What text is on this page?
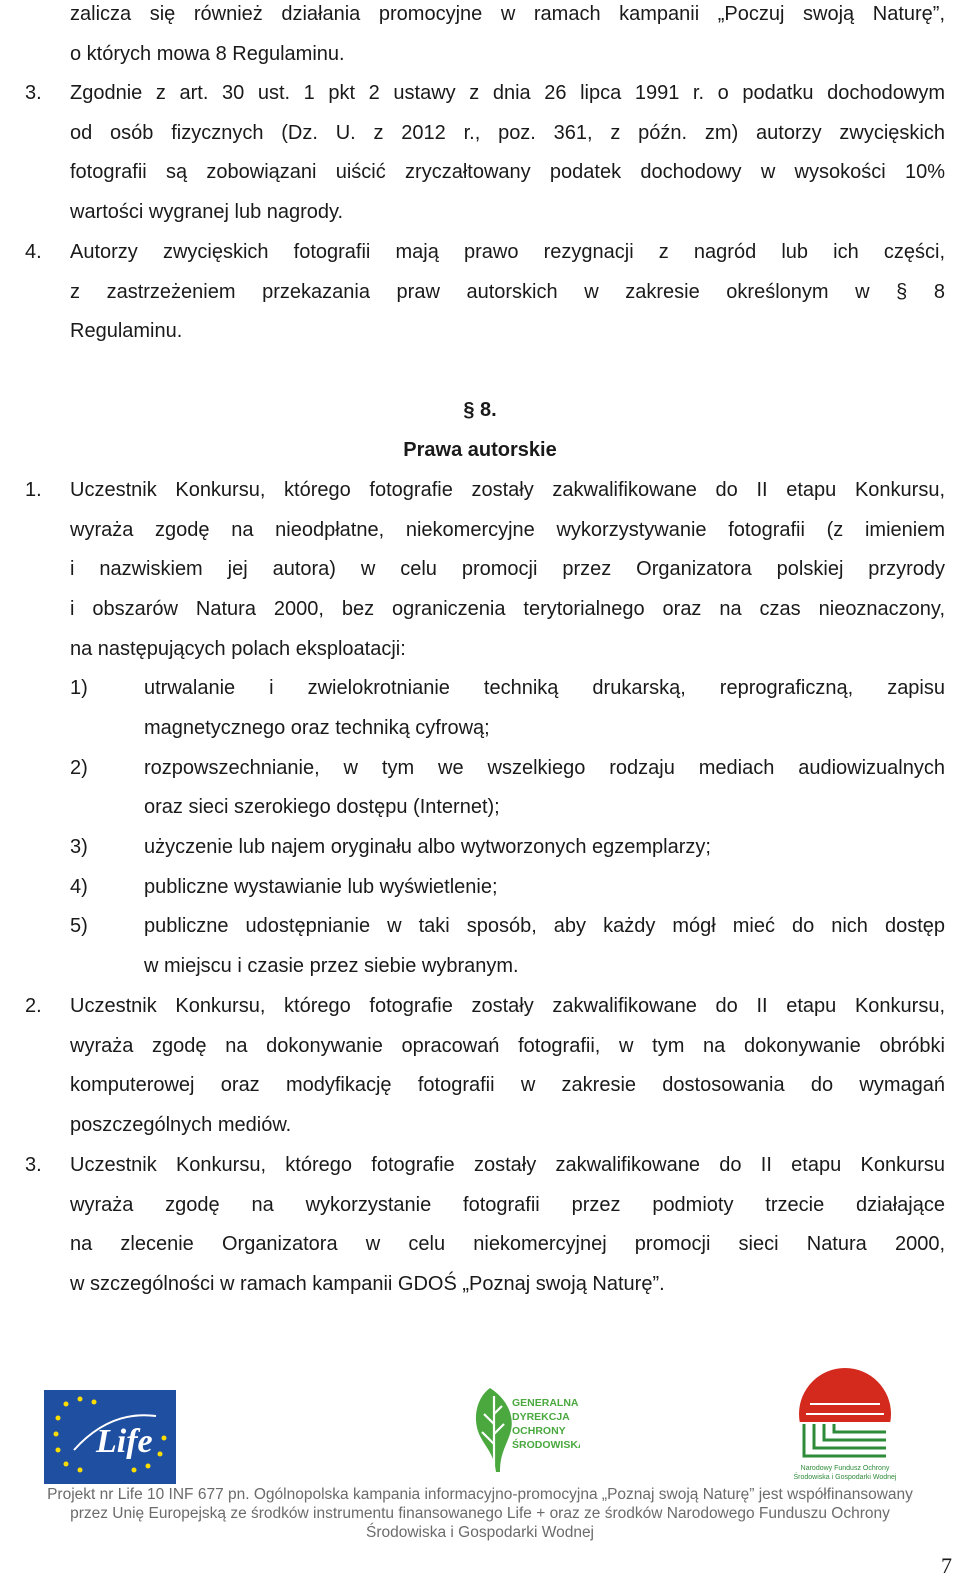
zalicza się również działania promocyjne w ramach kampanii „Poczuj swoją Naturę”,
o których mowa 8 Regulaminu.
3. Zgodnie z art. 30 ust. 1 pkt 2 ustawy z dnia 26 lipca 1991 r. o podatku dochodowym
od osób fizycznych (Dz. U. z 2012 r., poz. 361, z późn. zm) autorzy zwycięskich
fotografii są zobowiązani uiścić zryczałtowany podatek dochodowy w wysokości 10%
wartości wygranej lub nagrody.
4. Autorzy zwycięskich fotografii mają prawo rezygnacji z nagród lub ich części,
z zastrzeżeniem przekazania praw autorskich w zakresie określonym w § 8
Regulaminu.
§ 8.
Prawa autorskie
1. Uczestnik Konkursu, którego fotografie zostały zakwalifikowane do II etapu Konkursu,
wyraża zgodę na nieodpłatne, niekomercyjne wykorzystywanie fotografii (z imieniem
i nazwiskiem jej autora) w celu promocji przez Organizatora polskiej przyrody
i obszarów Natura 2000, bez ograniczenia terytorialnego oraz na czas nieoznaczony,
na następujących polach eksploatacji:
1)	utrwalanie i zwielokrotnianie techniką drukarską, reprograficzną, zapisu
magnetycznego oraz techniką cyfrową;
2)	rozpowszechnianie, w tym we wszelkiego rodzaju mediach audiowizualnych
oraz sieci szerokiego dostępu (Internet);
3)	użyczenie lub najem oryginału albo wytworzonych egzemplarzy;
4)	publiczne wystawianie lub wyświetlenie;
5)	publiczne udostępnianie w taki sposób, aby każdy mógł mieć do nich dostęp
w miejscu i czasie przez siebie wybranym.
2. Uczestnik Konkursu, którego fotografie zostały zakwalifikowane do II etapu Konkursu,
wyraża zgodę na dokonywanie opracowań fotografii, w tym na dokonywanie obróbki
komputerowej oraz modyfikację fotografii w zakresie dostosowania do wymagań
poszczególnych mediów.
3. Uczestnik Konkursu, którego fotografie zostały zakwalifikowane do II etapu Konkursu
wyraża zgodę na wykorzystanie fotografii przez podmioty trzecie działające
na zlecenie Organizatora w celu niekomercyjnej promocji sieci Natura 2000,
w szczególności w ramach kampanii GDOŚ „Poznaj swoją Naturę”.
Life
GENERALNA
DYREKCJA
OCHRONY
ŚRODOWISKA
Narodowy Fundusz Ochrony
Środowiska i Gospodarki Wodnej
Projekt nr Life 10 INF 677 pn. Ogólnopolska kampania informacyjno-promocyjna „Poznaj swoją Naturę” jest współfinansowany
przez Unię Europejską ze środków instrumentu finansowanego Life + oraz ze środków Narodowego Funduszu Ochrony
Środowiska i Gospodarki Wodnej
7
